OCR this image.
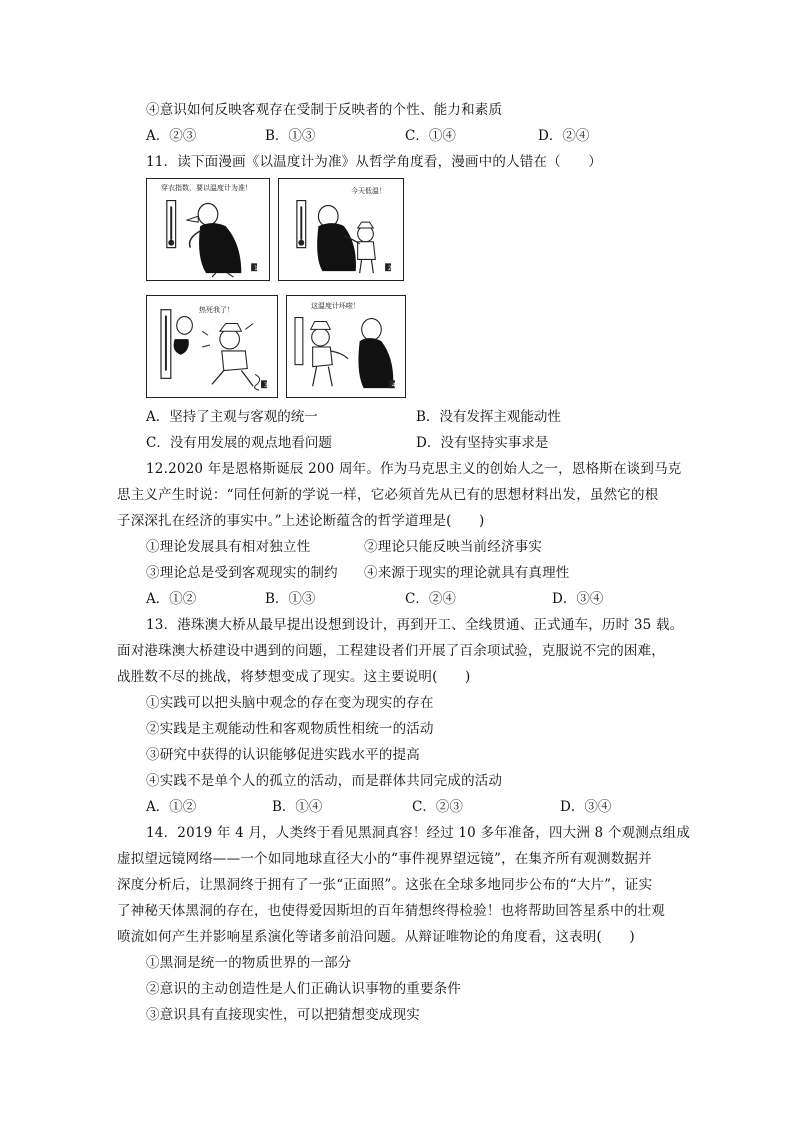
④意识如何反映客观存在受制于反映者的个性、能力和素质
A．②③	B．①③	C．①④	D．②④
11．读下面漫画《以温度计为准》从哲学角度看，漫画中的人错在（　　）
穿衣指数，要以温度计为准！
1
今天低温！
2
热死我了！
3
这温度计坏啦！
4
A．坚持了主观与客观的统一	B．没有发挥主观能动性
C．没有用发展的观点地看问题	D．没有坚持实事求是
12.2020 年是恩格斯诞辰 200 周年。作为马克思主义的创始人之一，恩格斯在谈到马克
思主义产生时说：“同任何新的学说一样，它必须首先从已有的思想材料出发，虽然它的根
子深深扎在经济的事实中。”上述论断蕴含的哲学道理是(　　)
①理论发展具有相对独立性	②理论只能反映当前经济事实
③理论总是受到客观现实的制约 ④来源于现实的理论就具有真理性
A．①②	B．①③	C．②④	D．③④
13．港珠澳大桥从最早提出设想到设计，再到开工、全线贯通、正式通车，历时 35 载。
面对港珠澳大桥建设中遇到的问题，工程建设者们开展了百余项试验，克服说不完的困难，
战胜数不尽的挑战，将梦想变成了现实。这主要说明(　　)
①实践可以把头脑中观念的存在变为现实的存在
②实践是主观能动性和客观物质性相统一的活动
③研究中获得的认识能够促进实践水平的提高
④实践不是单个人的孤立的活动，而是群体共同完成的活动
A．①②	B．①④	C．②③	D．③④
14．2019 年 4 月，人类终于看见黑洞真容！经过 10 多年准备，四大洲 8 个观测点组成
虚拟望远镜网络——一个如同地球直径大小的“事件视界望远镜”，在集齐所有观测数据并
深度分析后，让黑洞终于拥有了一张“正面照”。这张在全球多地同步公布的“大片”，证实
了神秘天体黑洞的存在，也使得爱因斯坦的百年猜想终得检验！也将帮助回答星系中的壮观
喷流如何产生并影响星系演化等诸多前沿问题。从辩证唯物论的角度看，这表明(　　)
①黑洞是统一的物质世界的一部分
②意识的主动创造性是人们正确认识事物的重要条件
③意识具有直接现实性，可以把猜想变成现实
